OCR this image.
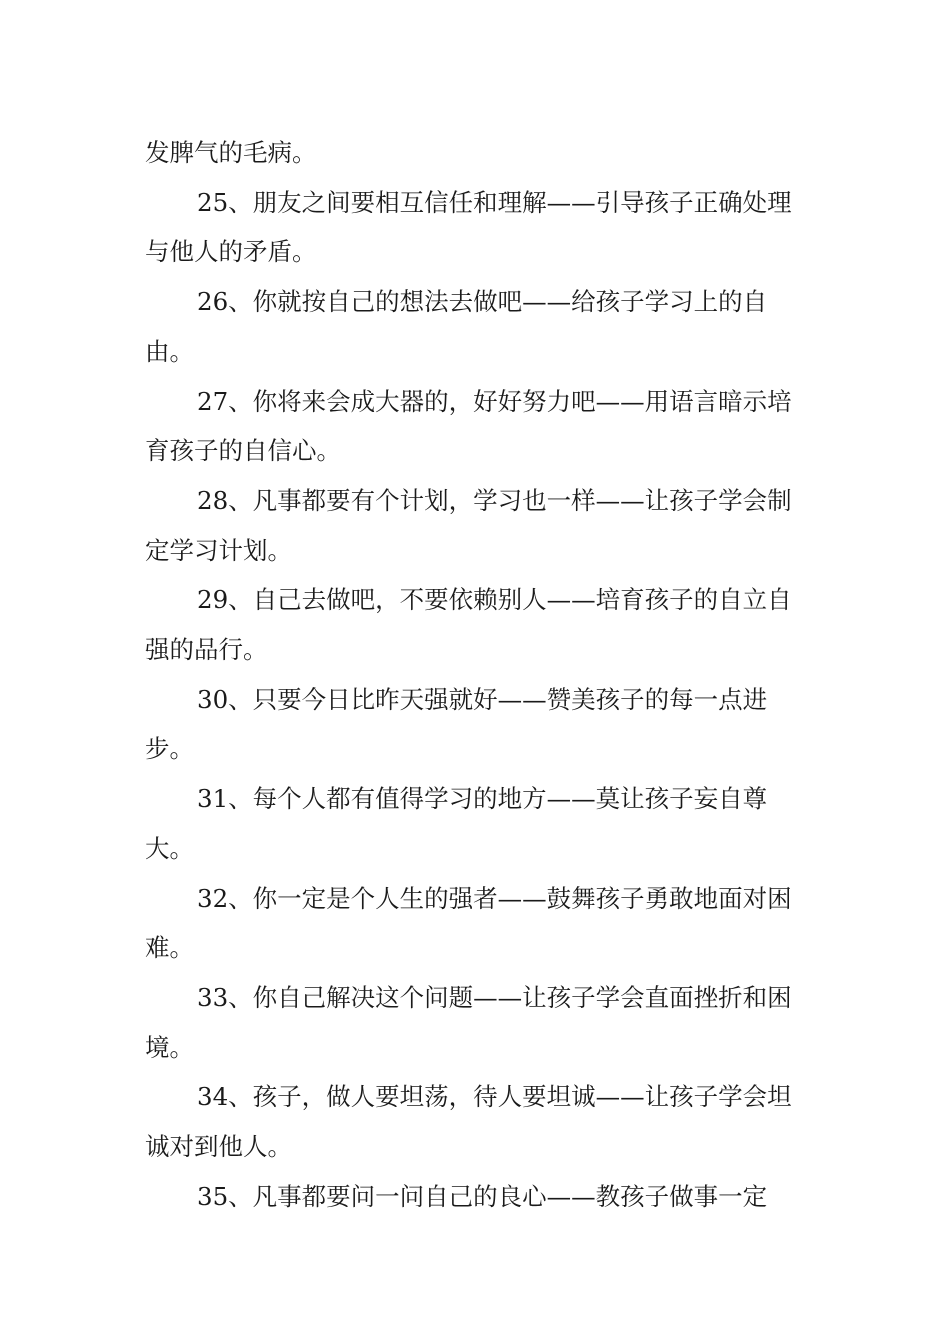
发脾气的毛病。

25、朋友之间要相互信任和理解——引导孩子正确处理与他人的矛盾。

26、你就按自己的想法去做吧——给孩子学习上的自由。

27、你将来会成大器的，好好努力吧——用语言暗示培育孩子的自信心。

28、凡事都要有个计划，学习也一样——让孩子学会制定学习计划。

29、自己去做吧，不要依赖别人——培育孩子的自立自强的品行。

30、只要今日比昨天强就好——赞美孩子的每一点进步。

31、每个人都有值得学习的地方——莫让孩子妄自尊大。

32、你一定是个人生的强者——鼓舞孩子勇敢地面对困难。

33、你自己解决这个问题——让孩子学会直面挫折和困境。

34、孩子，做人要坦荡，待人要坦诚——让孩子学会坦诚对到他人。

35、凡事都要问一问自己的良心——教孩子做事一定
